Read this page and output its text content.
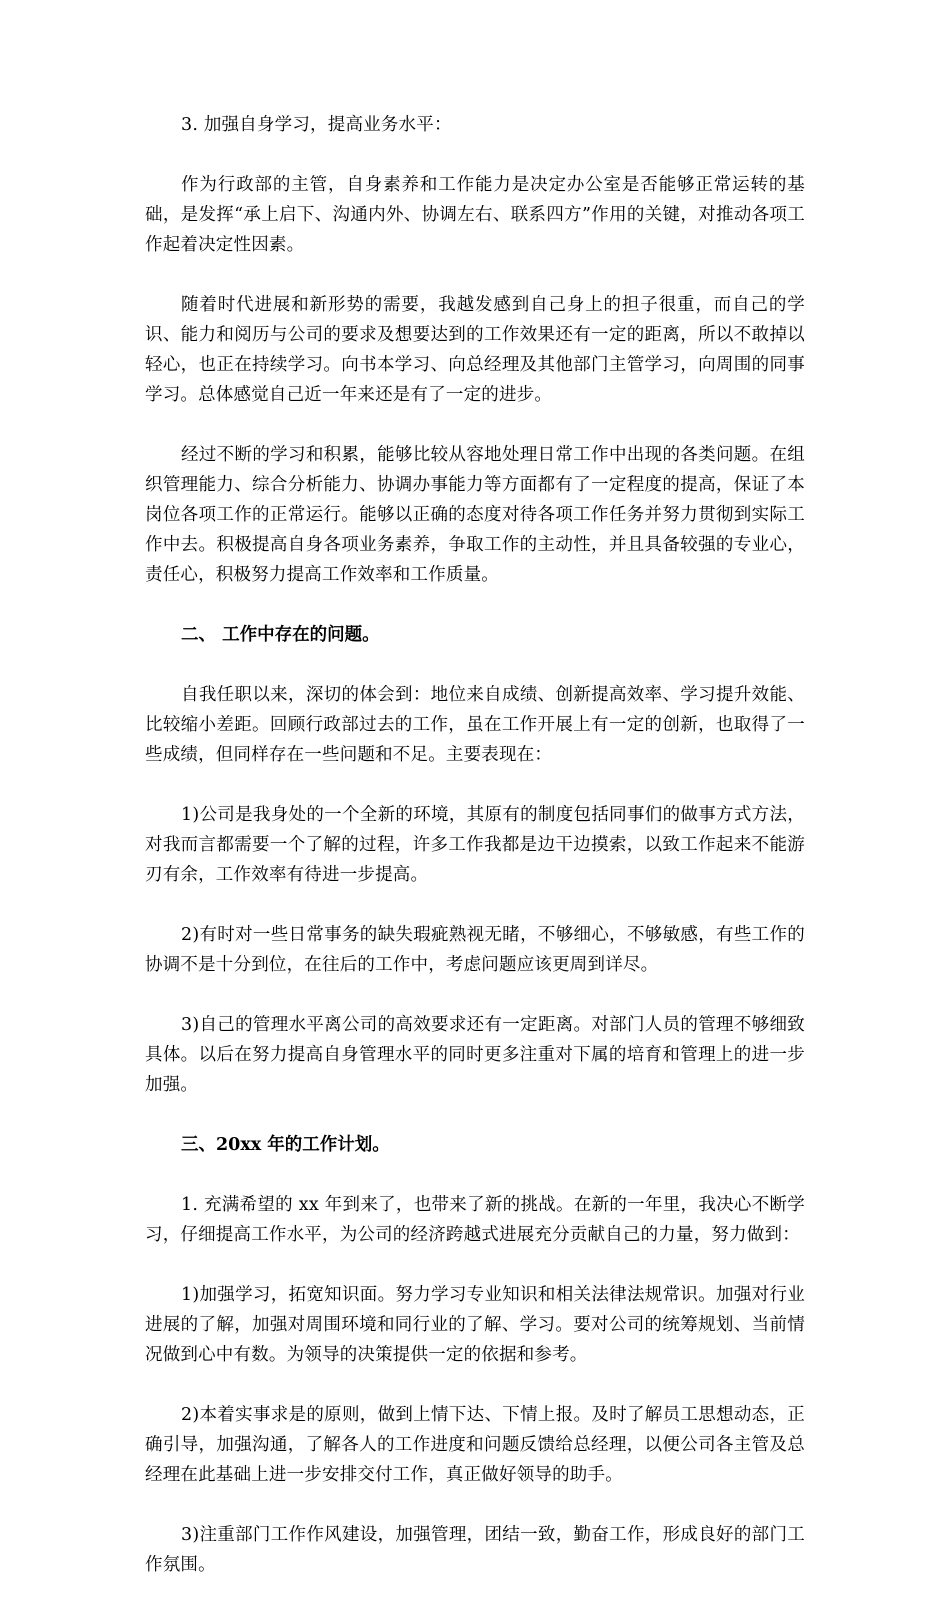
3. 加强自身学习，提高业务水平：

作为行政部的主管，自身素养和工作能力是决定办公室是否能够正常运转的基础，是发挥“承上启下、沟通内外、协调左右、联系四方”作用的关键，对推动各项工作起着决定性因素。

随着时代进展和新形势的需要，我越发感到自己身上的担子很重，而自己的学识、能力和阅历与公司的要求及想要达到的工作效果还有一定的距离，所以不敢掉以轻心，也正在持续学习。向书本学习、向总经理及其他部门主管学习，向周围的同事学习。总体感觉自己近一年来还是有了一定的进步。

经过不断的学习和积累，能够比较从容地处理日常工作中出现的各类问题。在组织管理能力、综合分析能力、协调办事能力等方面都有了一定程度的提高，保证了本岗位各项工作的正常运行。能够以正确的态度对待各项工作任务并努力贯彻到实际工作中去。积极提高自身各项业务素养，争取工作的主动性，并且具备较强的专业心，责任心，积极努力提高工作效率和工作质量。

二、 工作中存在的问题。

自我任职以来，深切的体会到：地位来自成绩、创新提高效率、学习提升效能、比较缩小差距。回顾行政部过去的工作，虽在工作开展上有一定的创新，也取得了一些成绩，但同样存在一些问题和不足。主要表现在：

1)公司是我身处的一个全新的环境，其原有的制度包括同事们的做事方式方法，对我而言都需要一个了解的过程，许多工作我都是边干边摸索，以致工作起来不能游刃有余，工作效率有待进一步提高。

2)有时对一些日常事务的缺失瑕疵熟视无睹，不够细心，不够敏感，有些工作的协调不是十分到位，在往后的工作中，考虑问题应该更周到详尽。

3)自己的管理水平离公司的高效要求还有一定距离。对部门人员的管理不够细致具体。以后在努力提高自身管理水平的同时更多注重对下属的培育和管理上的进一步加强。

三、20xx 年的工作计划。

1. 充满希望的 xx 年到来了，也带来了新的挑战。在新的一年里，我决心不断学习，仔细提高工作水平，为公司的经济跨越式进展充分贡献自己的力量，努力做到：

1)加强学习，拓宽知识面。努力学习专业知识和相关法律法规常识。加强对行业进展的了解，加强对周围环境和同行业的了解、学习。要对公司的统筹规划、当前情况做到心中有数。为领导的决策提供一定的依据和参考。

2)本着实事求是的原则，做到上情下达、下情上报。及时了解员工思想动态，正确引导，加强沟通，了解各人的工作进度和问题反馈给总经理，以便公司各主管及总经理在此基础上进一步安排交付工作，真正做好领导的助手。

3)注重部门工作作风建设，加强管理，团结一致，勤奋工作，形成良好的部门工作氛围。
